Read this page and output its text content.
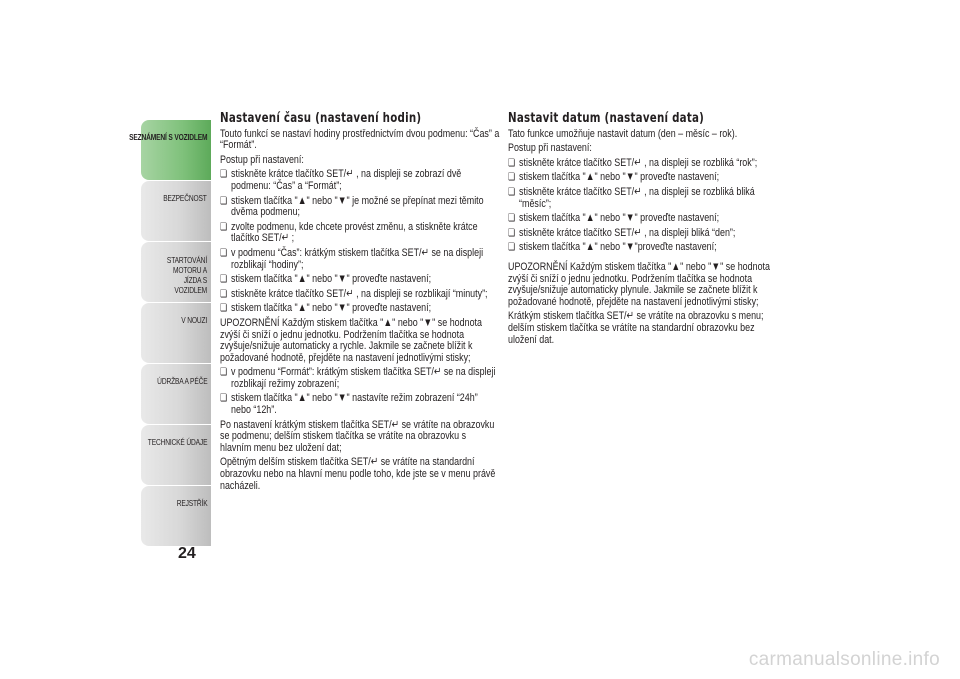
SEZNÁMENÍ S VOZIDLEM
BEZPEČNOST
STARTOVÁNÍ MOTORU A JÍZDA S VOZIDLEM
V NOUZI
ÚDRŽBA A PÉČE
TECHNICKÉ ÚDAJE
REJSTŘÍK
24
Nastavení času (nastavení hodin)

Touto funkcí se nastaví hodiny prostřednictvím dvou podmenu: “Čas” a “Formát”.

Postup při nastavení:

❏ stiskněte krátce tlačítko SET/↵ , na displeji se zobrazí dvě podmenu: “Čas” a “Formát”;
❏ stiskem tlačítka "▲" nebo "▼" je možné se přepínat mezi těmito dvěma podmenu;
❏ zvolte podmenu, kde chcete provést změnu, a stiskněte krátce tlačítko SET/↵ ;
❏ v podmenu “Čas”: krátkým stiskem tlačítka SET/↵ se na displeji rozblikají “hodiny”;
❏ stiskem tlačítka "▲" nebo "▼" proveďte nastavení;
❏ stiskněte krátce tlačítko SET/↵ , na displeji se rozblikají “minuty”;
❏ stiskem tlačítka "▲" nebo "▼" proveďte nastavení;

UPOZORNĚNÍ Každým stiskem tlačítka "▲" nebo "▼" se hodnota zvýší či sníží o jednu jednotku. Podržením tlačítka se hodnota zvyšuje/snižuje automaticky a rychle. Jakmile se začnete blížit k požadované hodnotě, přejděte na nastavení jednotlivými stisky;

❏ v podmenu “Formát”: krátkým stiskem tlačítka SET/↵ se na displeji rozblikají režimy zobrazení;
❏ stiskem tlačítka "▲" nebo "▼" nastavíte režim zobrazení “24h” nebo “12h”.

Po nastavení krátkým stiskem tlačítka SET/↵ se vrátíte na obrazovku se podmenu; delším stiskem tlačítka se vrátíte na obrazovku s hlavním menu bez uložení dat;

Opětným delším stiskem tlačítka SET/↵ se vrátíte na standardní obrazovku nebo na hlavní menu podle toho, kde jste se v menu právě nacházeli.

Nastavit datum (nastavení data)

Tato funkce umožňuje nastavit datum (den – měsíc – rok).

Postup při nastavení:

❏ stiskněte krátce tlačítko SET/↵ , na displeji se rozbliká “rok”;
❏ stiskem tlačítka "▲" nebo "▼" proveďte nastavení;
❏ stiskněte krátce tlačítko SET/↵ , na displeji se rozbliká bliká “měsíc”;
❏ stiskem tlačítka "▲" nebo "▼" proveďte nastavení;
❏ stiskněte krátce tlačítko SET/↵ , na displeji bliká “den”;
❏ stiskem tlačítka "▲" nebo "▼"proveďte nastavení;

UPOZORNĚNÍ Každým stiskem tlačítka "▲" nebo "▼" se hodnota zvýší či sníží o jednu jednotku. Podržením tlačítka se hodnota zvyšuje/snižuje automaticky plynule. Jakmile se začnete blížit k požadované hodnotě, přejděte na nastavení jednotlivými stisky;

Krátkým stiskem tlačítka SET/↵ se vrátíte na obrazovku s menu; delším stiskem tlačítka se vrátíte na standardní obrazovku bez uložení dat.

carmanualsonline.info
